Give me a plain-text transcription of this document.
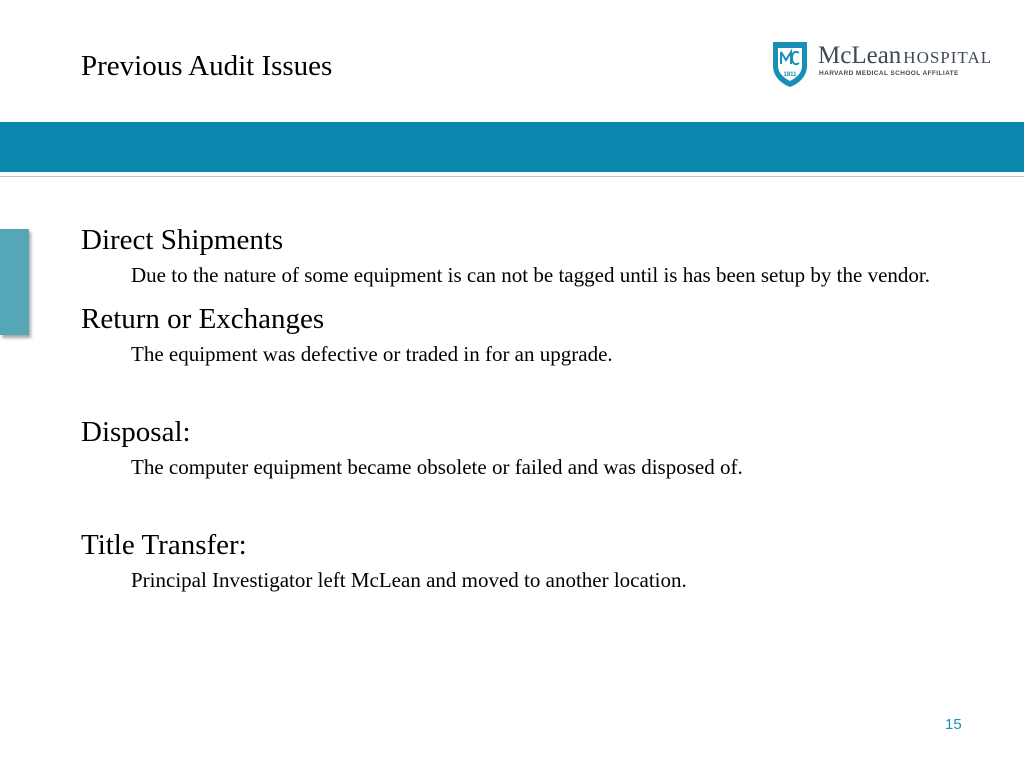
Previous Audit Issues	1811
McLean HOSPITAL
HARVARD MEDICAL SCHOOL AFFILIATE
Direct Shipments
Due to the nature of some equipment is can not be tagged until is has been setup by the vendor.
Return or Exchanges
The equipment was defective or traded in for an upgrade.
Disposal:
The computer equipment became obsolete or failed and was disposed of.
Title Transfer:
Principal Investigator left McLean and moved to another location.
15
